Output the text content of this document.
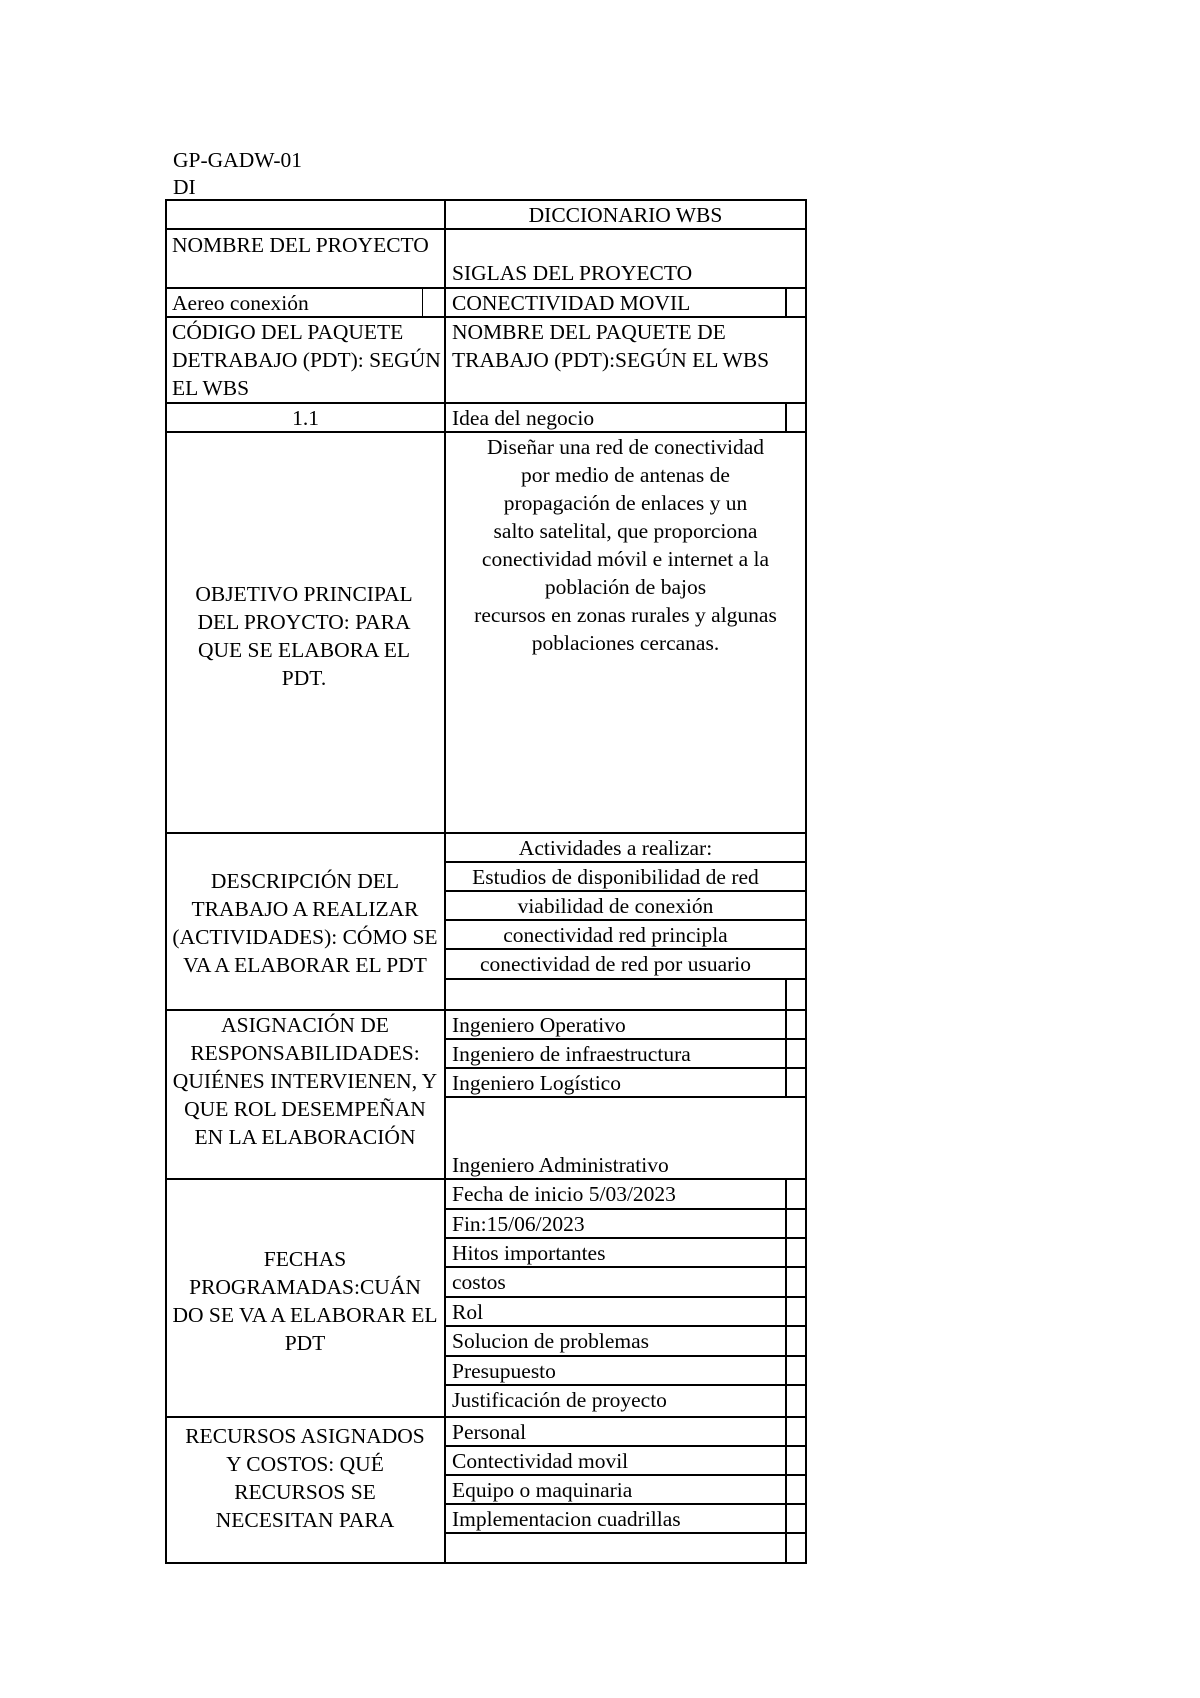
GP-GADW-01
DI
DICCIONARIO WBS
NOMBRE DEL PROYECTO
SIGLAS DEL PROYECTO
Aereo conexión	CONECTIVIDAD MOVIL
CÓDIGO DEL PAQUETE DETRABAJO (PDT): SEGÚN EL WBS
NOMBRE DEL PAQUETE DE TRABAJO (PDT):SEGÚN EL WBS
1.1	Idea del negocio
OBJETIVO PRINCIPAL DEL PROYCTO: PARA QUE SE ELABORA EL PDT.
Diseñar una red de conectividad
por medio de antenas de
propagación de enlaces y un
salto satelital, que proporciona
conectividad móvil e internet a la
población de bajos
recursos en zonas rurales y algunas
poblaciones cercanas.
DESCRIPCIÓN DEL TRABAJO A REALIZAR (ACTIVIDADES): CÓMO SE VA A ELABORAR EL PDT
Actividades a realizar:
Estudios de disponibilidad de red
viabilidad de conexión
conectividad red principla
conectividad de red por usuario
ASIGNACIÓN DE RESPONSABILIDADES: QUIÉNES INTERVIENEN, Y QUE ROL DESEMPEÑAN EN LA ELABORACIÓN
Ingeniero Operativo
Ingeniero de infraestructura
Ingeniero Logístico
Ingeniero Administrativo
FECHAS PROGRAMADAS:CUÁN DO SE VA A ELABORAR EL PDT
Fecha de inicio 5/03/2023
Fin:15/06/2023
Hitos importantes
costos
Rol
Solucion de problemas
Presupuesto
Justificación de proyecto
RECURSOS ASIGNADOS Y COSTOS: QUÉ RECURSOS SE NECESITAN PARA
Personal
Contectividad movil
Equipo o maquinaria
Implementacion cuadrillas
